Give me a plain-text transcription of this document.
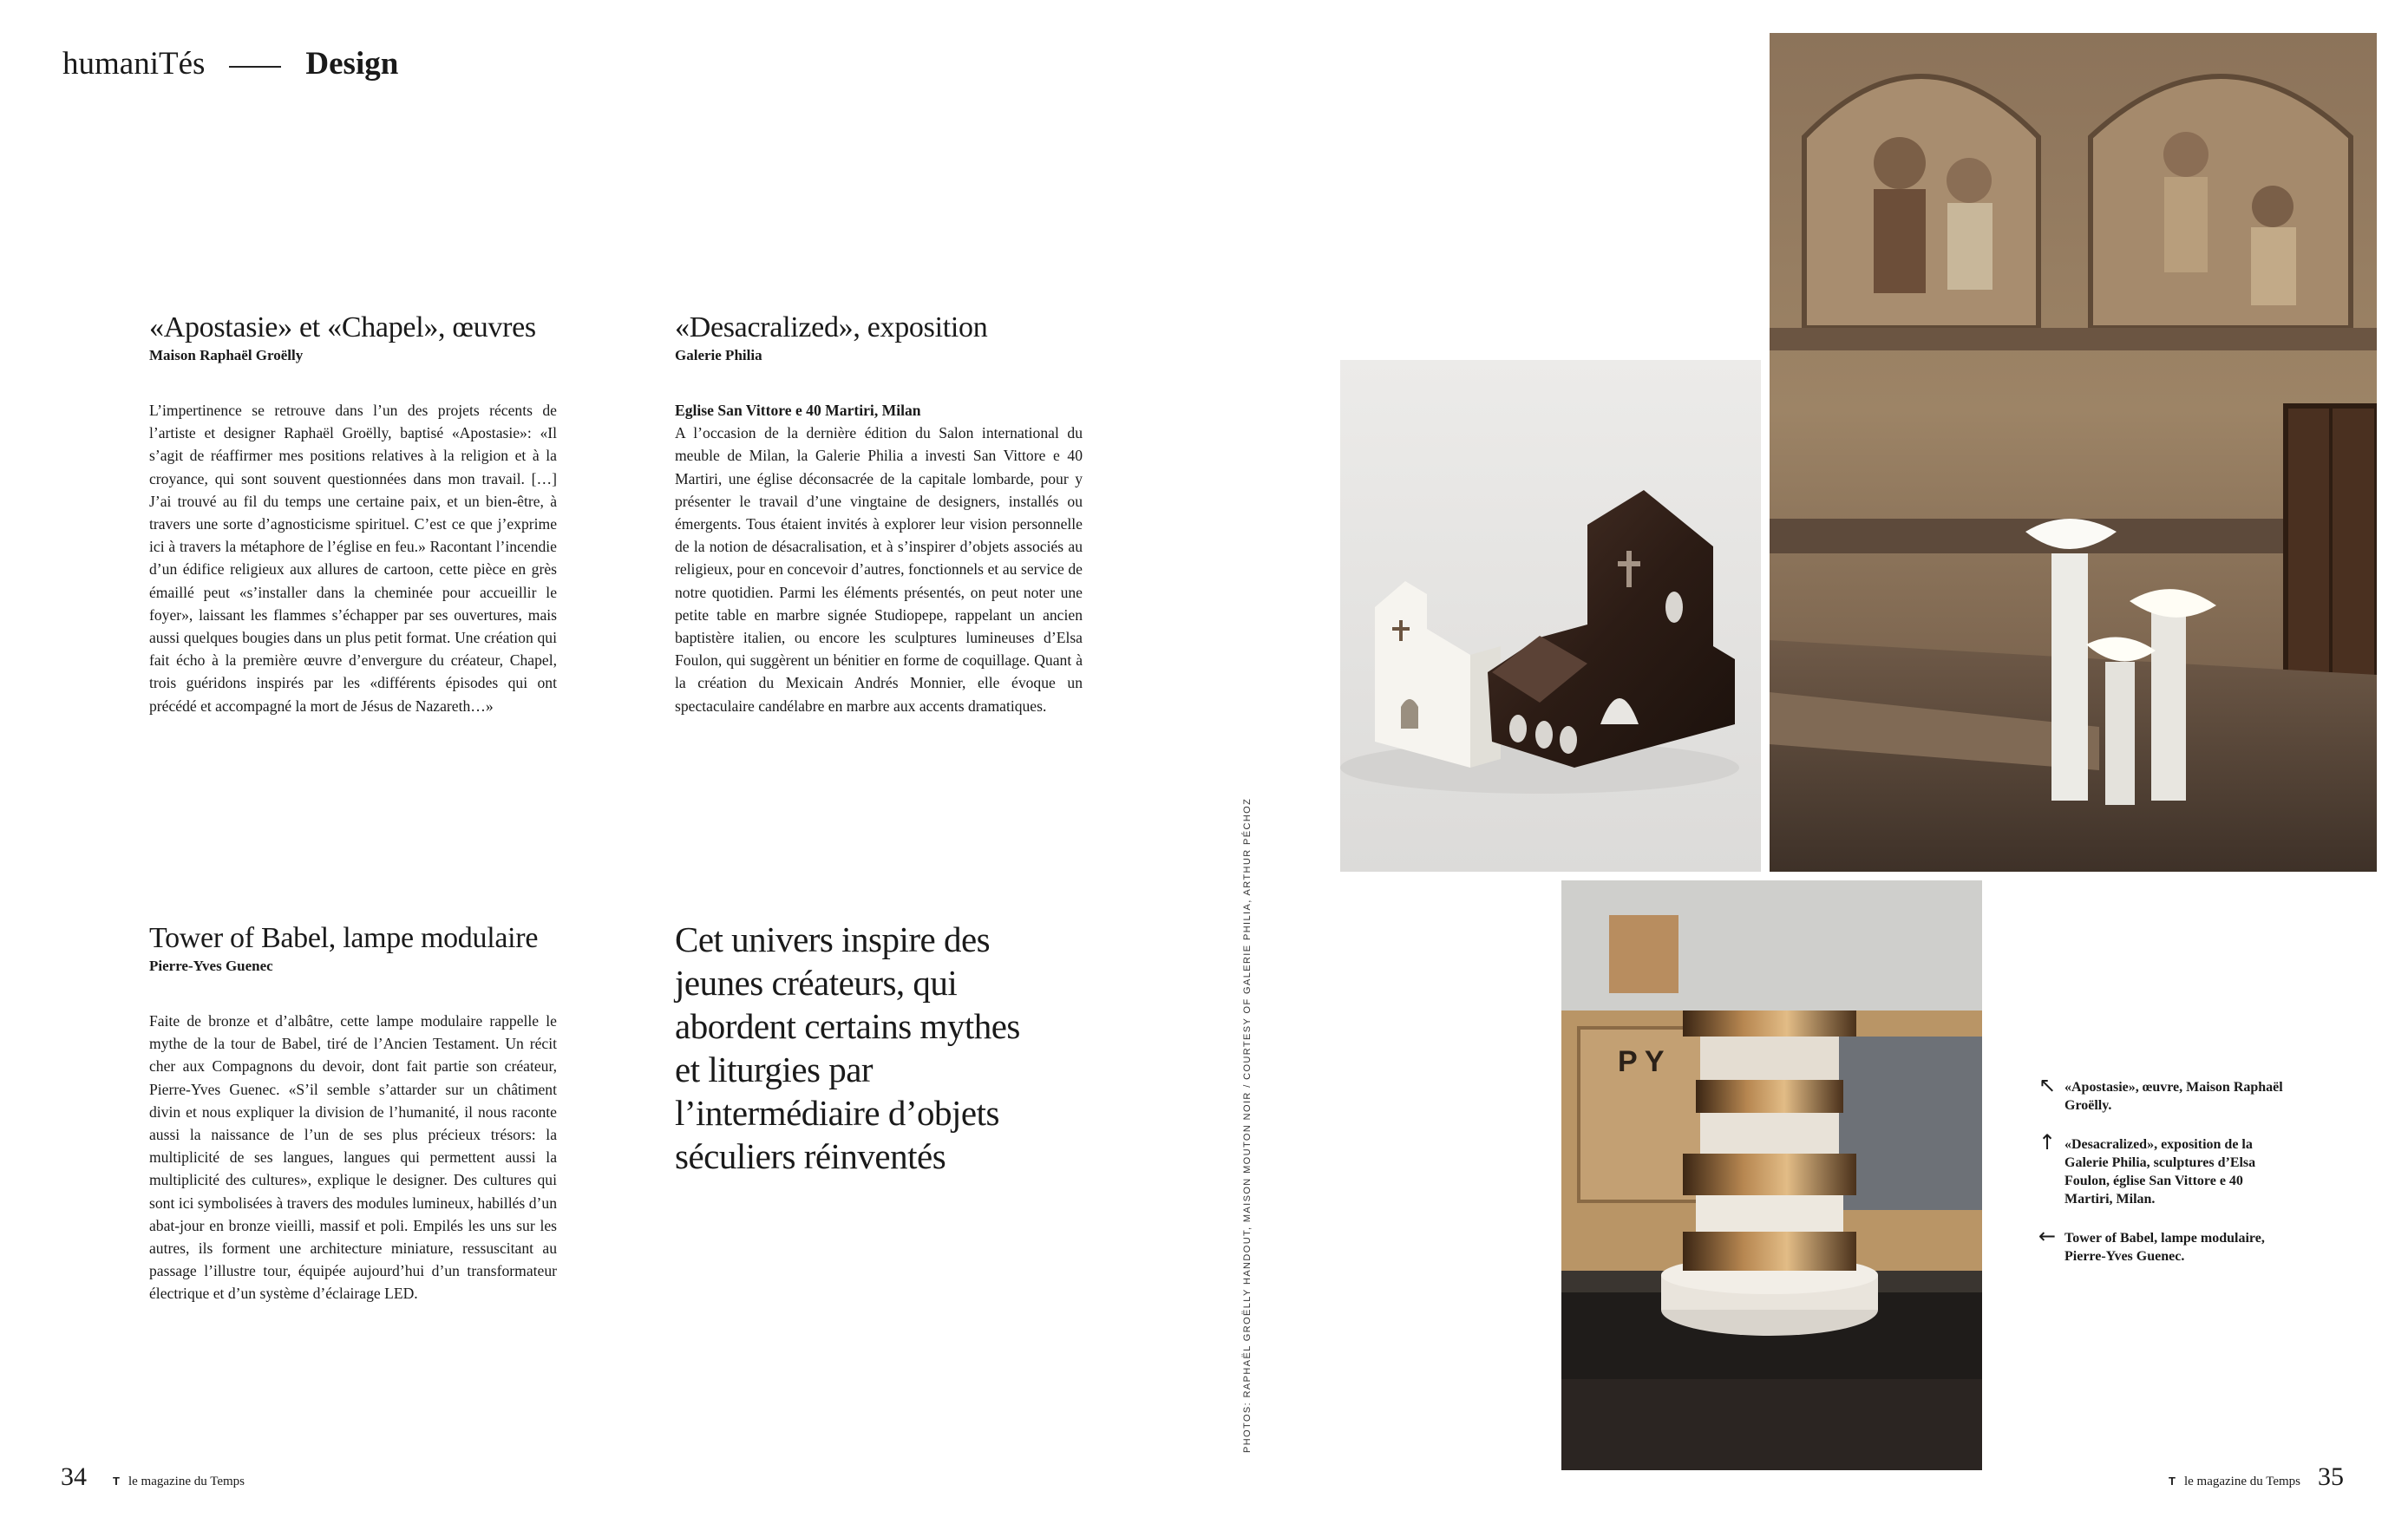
humaniTés	Design
«Apostasie» et «Chapel», œuvres
Maison Raphaël Groëlly

L’impertinence se retrouve dans l’un des projets récents de l’artiste et designer Raphaël Groëlly, baptisé «Apostasie»: «Il s’agit de réaffirmer mes positions relatives à la religion et à la croyance, qui sont souvent questionnées dans mon travail. […] J’ai trouvé au fil du temps une certaine paix, et un bien-être, à travers une sorte d’agnosticisme spirituel. C’est ce que j’exprime ici à travers la métaphore de l’église en feu.» Racontant l’incendie d’un édifice religieux aux allures de cartoon, cette pièce en grès émaillé peut «s’installer dans la cheminée pour accueillir le foyer», laissant les flammes s’échapper par ses ouvertures, mais aussi quelques bougies dans un plus petit format. Une création qui fait écho à la première œuvre d’envergure du créateur, Chapel, trois guéridons inspirés par les «différents épisodes qui ont précédé et accompagné la mort de Jésus de Nazareth…»

«Desacralized», exposition
Galerie Philia
Eglise San Vittore e 40 Martiri, Milan

A l’occasion de la dernière édition du Salon international du meuble de Milan, la Galerie Philia a investi San Vittore e 40 Martiri, une église déconsacrée de la capitale lombarde, pour y présenter le travail d’une vingtaine de designers, installés ou émergents. Tous étaient invités à explorer leur vision personnelle de la notion de désacralisation, et à s’inspirer d’objets associés au religieux, pour en concevoir d’autres, fonctionnels et au service de notre quotidien. Parmi les éléments présentés, on peut noter une petite table en marbre signée Studiopepe, rappelant un ancien baptistère italien, ou encore les sculptures lumineuses d’Elsa Foulon, qui suggèrent un bénitier en forme de coquillage. Quant à la création du Mexicain Andrés Monnier, elle évoque un spectaculaire candélabre en marbre aux accents dramatiques.

Tower of Babel, lampe modulaire
Pierre-Yves Guenec

Faite de bronze et d’albâtre, cette lampe modulaire rappelle le mythe de la tour de Babel, tiré de l’Ancien Testament. Un récit cher aux Compagnons du devoir, dont fait partie son créateur, Pierre-Yves Guenec. «S’il semble s’attarder sur un châtiment divin et nous expliquer la division de l’humanité, il nous raconte aussi la naissance de l’un de ses plus précieux trésors: la multiplicité de ses langues, langues qui permettent aussi la multiplicité des cultures», explique le designer. Des cultures qui sont ici symbolisées à travers des modules lumineux, habillés d’un abat-jour en bronze vieilli, massif et poli. Empilés les uns sur les autres, ils forment une architecture miniature, ressuscitant au passage l’illustre tour, équipée aujourd’hui d’un transformateur électrique et d’un système d’éclairage LED.

Cet univers inspire des jeunes créateurs, qui abordent certains mythes et liturgies par l’intermédiaire d’objets séculiers réinventés	PHOTOS: RAPHAËL GROËLLY HANDOUT, MAISON MOUTON NOIR / COURTESY OF GALERIE PHILIA, ARTHUR PÉCHOZ	P Y
↖ «Apostasie», œuvre, Maison Raphaël Groëlly.
↑ «Desacralized», exposition de la Galerie Philia, sculptures d’Elsa Foulon, église San Vittore e 40 Martiri, Milan.
← Tower of Babel, lampe modulaire, Pierre-Yves Guenec.
34 T le magazine du Temps	T le magazine du Temps 35
